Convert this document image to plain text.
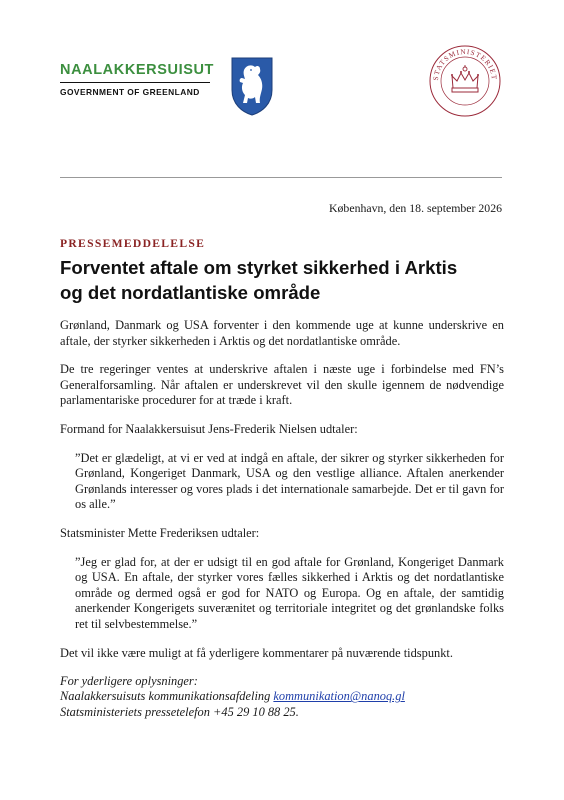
NAALAKKERSUISUT
GOVERNMENT OF GREENLAND
STATSMINISTERIET
København, den 18. september 2026
PRESSEMEDDELELSE
Forventet aftale om styrket sikkerhed i Arktis
og det nordatlantiske område

Grønland, Danmark og USA forventer i den kommende uge at kunne underskrive en aftale, der styrker sikkerheden i Arktis og det nordatlantiske område.

De tre regeringer ventes at underskrive aftalen i næste uge i forbindelse med FN’s Generalforsamling. Når aftalen er underskrevet vil den skulle igennem de nødvendige parlamentariske procedurer for at træde i kraft.

Formand for Naalakkersuisut Jens-Frederik Nielsen udtaler:

”Det er glædeligt, at vi er ved at indgå en aftale, der sikrer og styrker sikkerheden for Grønland, Kongeriget Danmark, USA og den vestlige alliance. Aftalen anerkender Grønlands interesser og vores plads i det internationale samarbejde. Det er til gavn for os alle.”

Statsminister Mette Frederiksen udtaler:

”Jeg er glad for, at der er udsigt til en god aftale for Grønland, Kongeriget Danmark og USA. En aftale, der styrker vores fælles sikkerhed i Arktis og det nordatlantiske område og dermed også er god for NATO og Europa. Og en aftale, der samtidig anerkender Kongerigets suverænitet og territoriale integritet og det grønlandske folks ret til selvbestemmelse.”

Det vil ikke være muligt at få yderligere kommentarer på nuværende tidspunkt.

For yderligere oplysninger:
Naalakkersuisuts kommunikationsafdeling kommunikation@nanoq.gl
Statsministeriets pressetelefon +45 29 10 88 25.
